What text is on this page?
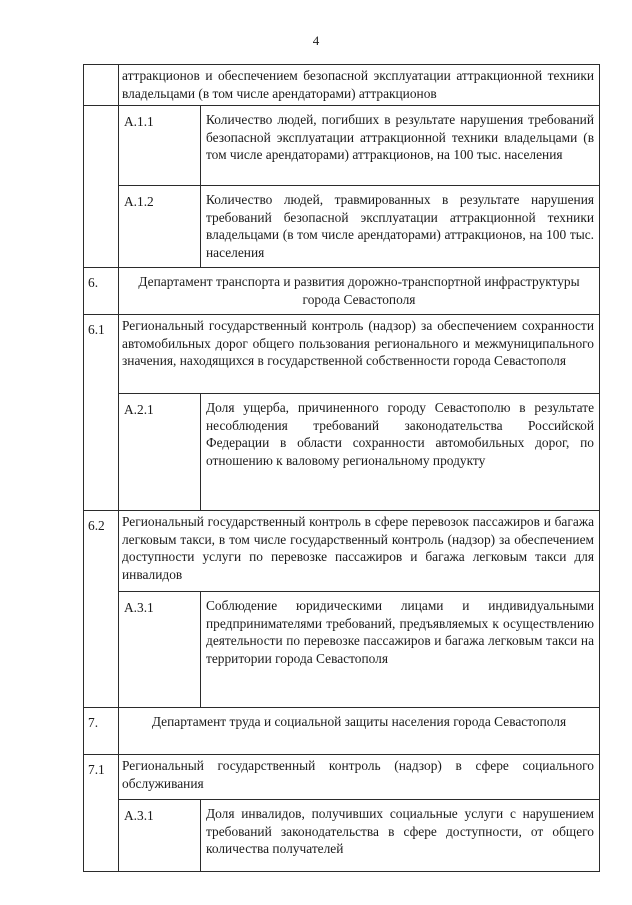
4
	аттракционов и обеспечением безопасной эксплуатации аттракционной техники владельцами (в том числе арендаторами) аттракционов	
	А.1.1	Количество людей, погибших в результате нарушения требований безопасной эксплуатации аттракционной техники владельцами (в том числе арендаторами) аттракционов, на 100 тыс. населения
	А.1.2	Количество людей, травмированных в результате нарушения требований безопасной эксплуатации аттракционной техники владельцами (в том числе арендаторами) аттракционов, на 100 тыс. населения
6.	Департамент транспорта и развития дорожно-транспортной инфраструктуры города Севастополя	
6.1	Региональный государственный контроль (надзор) за обеспечением сохранности автомобильных дорог общего пользования регионального и межмуниципального значения, находящихся в государственной собственности города Севастополя	
	А.2.1	Доля ущерба, причиненного городу Севастополю в результате несоблюдения требований законодательства Российской Федерации в области сохранности автомобильных дорог, по отношению к валовому региональному продукту
6.2	Региональный государственный контроль в сфере перевозок пассажиров и багажа легковым такси, в том числе государственный контроль (надзор) за обеспечением доступности услуги по перевозке пассажиров и багажа легковым такси для инвалидов	
	А.3.1	Соблюдение юридическими лицами и индивидуальными предпринимателями требований, предъявляемых к осуществлению деятельности по перевозке пассажиров и багажа легковым такси на территории города Севастополя
7.	Департамент труда и социальной защиты населения города Севастополя	
7.1	Региональный государственный контроль (надзор) в сфере социального обслуживания	
	А.3.1	Доля инвалидов, получивших социальные услуги с нарушением требований законодательства в сфере доступности, от общего количества получателей
